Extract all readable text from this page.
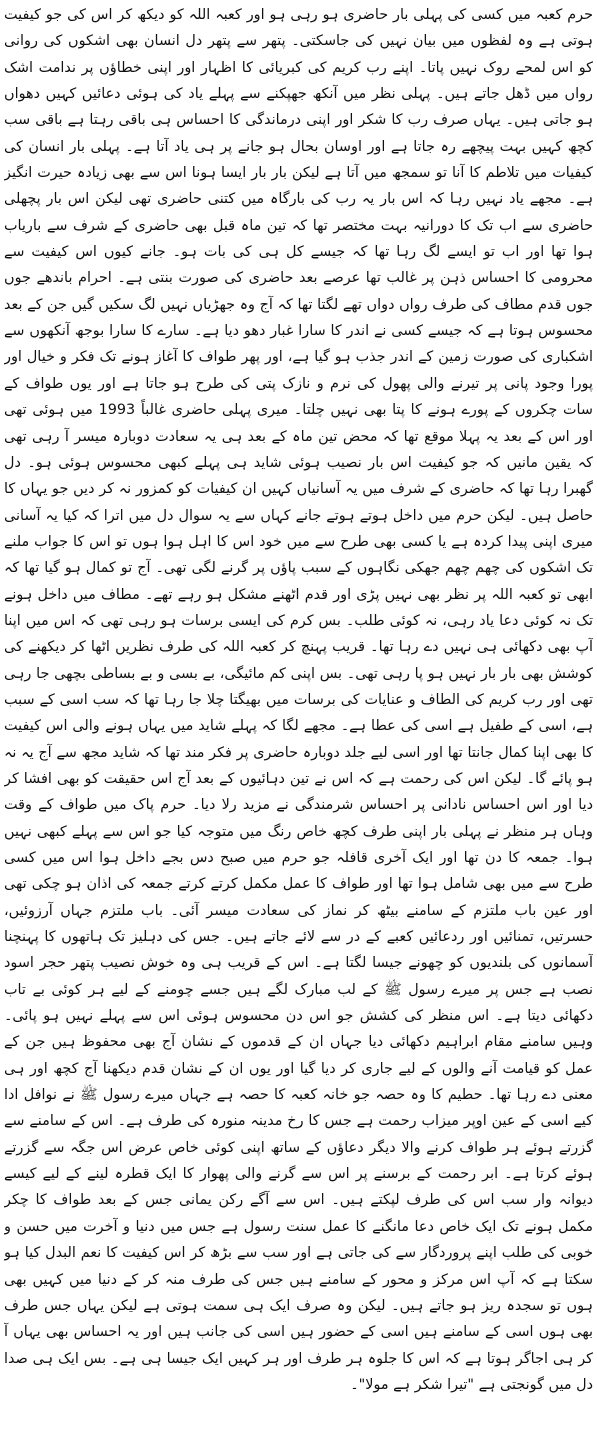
حرم کعبہ میں کسی کی پہلی بار حاضری ہو رہی ہو اور کعبہ اللہ کو دیکھ کر اس کی جو کیفیت ہوتی ہے وہ لفظوں میں بیان نہیں کی جاسکتی۔ پتھر سے پتھر دل انسان بھی اشکوں کی روانی کو اس لمحے روک نہیں پاتا۔ اپنے رب کریم کی کبریائی کا اظہار اور اپنی خطاؤں پر ندامت اشک رواں میں ڈھل جاتے ہیں۔ پہلی نظر میں آنکھ جھپکنے سے پہلے یاد کی ہوئی دعائیں کہیں دھواں ہو جاتی ہیں۔ یہاں صرف رب کا شکر اور اپنی درماندگی کا احساس ہی باقی رہتا ہے باقی سب کچھ کہیں بہت پیچھے رہ جاتا ہے اور اوسان بحال ہو جانے پر ہی یاد آتا ہے۔ پہلی بار انسان کی کیفیات میں تلاطم کا آنا تو سمجھ میں آتا ہے لیکن بار بار ایسا ہونا اس سے بھی زیادہ حیرت انگیز ہے۔ مجھے یاد نہیں رہا کہ اس بار یہ رب کی بارگاہ میں کتنی حاضری تھی لیکن اس بار پچھلی حاضری سے اب تک کا دورانیہ بہت مختصر تھا کہ تین ماہ قبل بھی حاضری کے شرف سے باریاب ہوا تھا اور اب تو ایسے لگ رہا تھا کہ جیسے کل ہی کی بات ہو۔ جانے کیوں اس کیفیت سے محرومی کا احساس ذہن پر غالب تھا عرصے بعد حاضری کی صورت بنتی ہے۔ احرام باندھے جوں جوں قدم مطاف کی طرف رواں دواں تھے لگتا تھا کہ آج وہ جھڑیاں نہیں لگ سکیں گیں جن کے بعد محسوس ہوتا ہے کہ جیسے کسی نے اندر کا سارا غبار دھو دیا ہے۔ سارے کا سارا بوجھ آنکھوں سے اشکباری کی صورت زمین کے اندر جذب ہو گیا ہے، اور پھر طواف کا آغاز ہونے تک فکر و خیال اور پورا وجود پانی پر تیرنے والی پھول کی نرم و نازک پتی کی طرح ہو جاتا ہے اور یوں طواف کے سات چکروں کے پورے ہونے کا پتا بھی نہیں چلتا۔ میری پہلی حاضری غالباً 1993 میں ہوئی تھی اور اس کے بعد یہ پہلا موقع تھا کہ محض تین ماہ کے بعد ہی یہ سعادت دوبارہ میسر آ رہی تھی کہ یقین مانیں کہ جو کیفیت اس بار نصیب ہوئی شاید ہی پہلے کبھی محسوس ہوئی ہو۔ دل گھبرا رہا تھا کہ حاضری کے شرف میں یہ آسانیاں کہیں ان کیفیات کو کمزور نہ کر دیں جو یہاں کا حاصل ہیں۔ لیکن حرم میں داخل ہوتے ہوتے جانے کہاں سے یہ سوال دل میں اترا کہ کیا یہ آسانی میری اپنی پیدا کردہ ہے یا کسی بھی طرح سے میں خود اس کا اہل ہوا ہوں تو اس کا جواب ملنے تک اشکوں کی چھم چھم جھکی نگاہوں کے سبب پاؤں پر گرنے لگی تھی۔ آج تو کمال ہو گیا تھا کہ ابھی تو کعبہ اللہ پر نظر بھی نہیں پڑی اور قدم اٹھنے مشکل ہو رہے تھے۔ مطاف میں داخل ہونے تک نہ کوئی دعا یاد رہی، نہ کوئی طلب۔ بس کرم کی ایسی برسات ہو رہی تھی کہ اس میں اپنا آپ بھی دکھائی ہی نہیں دے رہا تھا۔ قریب پہنچ کر کعبہ اللہ کی طرف نظریں اٹھا کر دیکھنے کی کوشش بھی بار بار نہیں ہو پا رہی تھی۔ بس اپنی کم مائیگی، بے بسی و بے بساطی بچھی جا رہی تھی اور رب کریم کی الطاف و عنایات کی برسات میں بھیگتا چلا جا رہا تھا کہ سب اسی کے سبب ہے، اسی کے طفیل ہے اسی کی عطا ہے۔ مجھے لگا کہ پہلے شاید میں یہاں ہونے والی اس کیفیت کا بھی اپنا کمال جانتا تھا اور اسی لیے جلد دوبارہ حاضری پر فکر مند تھا کہ شاید مجھ سے آج یہ نہ ہو پائے گا۔ لیکن اس کی رحمت ہے کہ اس نے تین دہائیوں کے بعد آج اس حقیقت کو بھی افشا کر دیا اور اس احساس نادانی پر احساس شرمندگی نے مزید رلا دیا۔ حرم پاک میں طواف کے وقت وہاں ہر منظر نے پہلی بار اپنی طرف کچھ خاص رنگ میں متوجہ کیا جو اس سے پہلے کبھی نہیں ہوا۔ جمعہ کا دن تھا اور ایک آخری قافلہ جو حرم میں صبح دس بجے داخل ہوا اس میں کسی طرح سے میں بھی شامل ہوا تھا اور طواف کا عمل مکمل کرتے کرتے جمعہ کی اذان ہو چکی تھی اور عین باب ملتزم کے سامنے بیٹھ کر نماز کی سعادت میسر آئی۔ باب ملتزم جہاں آرزوئیں، حسرتیں، تمنائیں اور ردعائیں کعبے کے در سے لائے جاتے ہیں۔ جس کی دہلیز تک ہاتھوں کا پہنچنا آسمانوں کی بلندیوں کو چھونے جیسا لگتا ہے۔ اس کے قریب ہی وہ خوش نصیب پتھر حجر اسود نصب ہے جس پر میرے رسول ﷺ کے لب مبارک لگے ہیں جسے چومنے کے لیے ہر کوئی بے تاب دکھائی دیتا ہے۔ اس منظر کی کشش جو اس دن محسوس ہوئی اس سے پہلے نہیں ہو پائی۔ وہیں سامنے مقام ابراہیم دکھائی دیا جہاں ان کے قدموں کے نشان آج بھی محفوظ ہیں جن کے عمل کو قیامت آنے والوں کے لیے جاری کر دیا گیا اور یوں ان کے نشان قدم دیکھنا آج کچھ اور ہی معنی دے رہا تھا۔ حطیم کا وہ حصہ جو خانہ کعبہ کا حصہ ہے جہاں میرے رسول ﷺ نے نوافل ادا کیے اسی کے عین اوپر میزاب رحمت ہے جس کا رخ مدینہ منورہ کی طرف ہے۔ اس کے سامنے سے گزرتے ہوئے ہر طواف کرنے والا دیگر دعاؤں کے ساتھ اپنی کوئی خاص عرض اس جگہ سے گزرتے ہوئے کرتا ہے۔ ابر رحمت کے برسنے پر اس سے گرنے والی پھوار کا ایک قطرہ لینے کے لیے کیسے دیوانہ وار سب اس کی طرف لپکتے ہیں۔ اس سے آگے رکن یمانی جس کے بعد طواف کا چکر مکمل ہونے تک ایک خاص دعا مانگنے کا عمل سنت رسول ہے جس میں دنیا و آخرت میں حسن و خوبی کی طلب اپنے پروردگار سے کی جاتی ہے اور سب سے بڑھ کر اس کیفیت کا نعم البدل کیا ہو سکتا ہے کہ آپ اس مرکز و محور کے سامنے ہیں جس کی طرف منہ کر کے دنیا میں کہیں بھی ہوں تو سجدہ ریز ہو جاتے ہیں۔ لیکن وہ صرف ایک ہی سمت ہوتی ہے لیکن یہاں جس طرف بھی ہوں اسی کے سامنے ہیں اسی کے حضور ہیں اسی کی جانب ہیں اور یہ احساس بھی یہاں آ کر ہی اجاگر ہوتا ہے کہ اس کا جلوہ ہر طرف اور ہر کہیں ایک جیسا ہی ہے۔ بس ایک ہی صدا دل میں گونجتی ہے "تیرا شکر ہے مولا"۔
